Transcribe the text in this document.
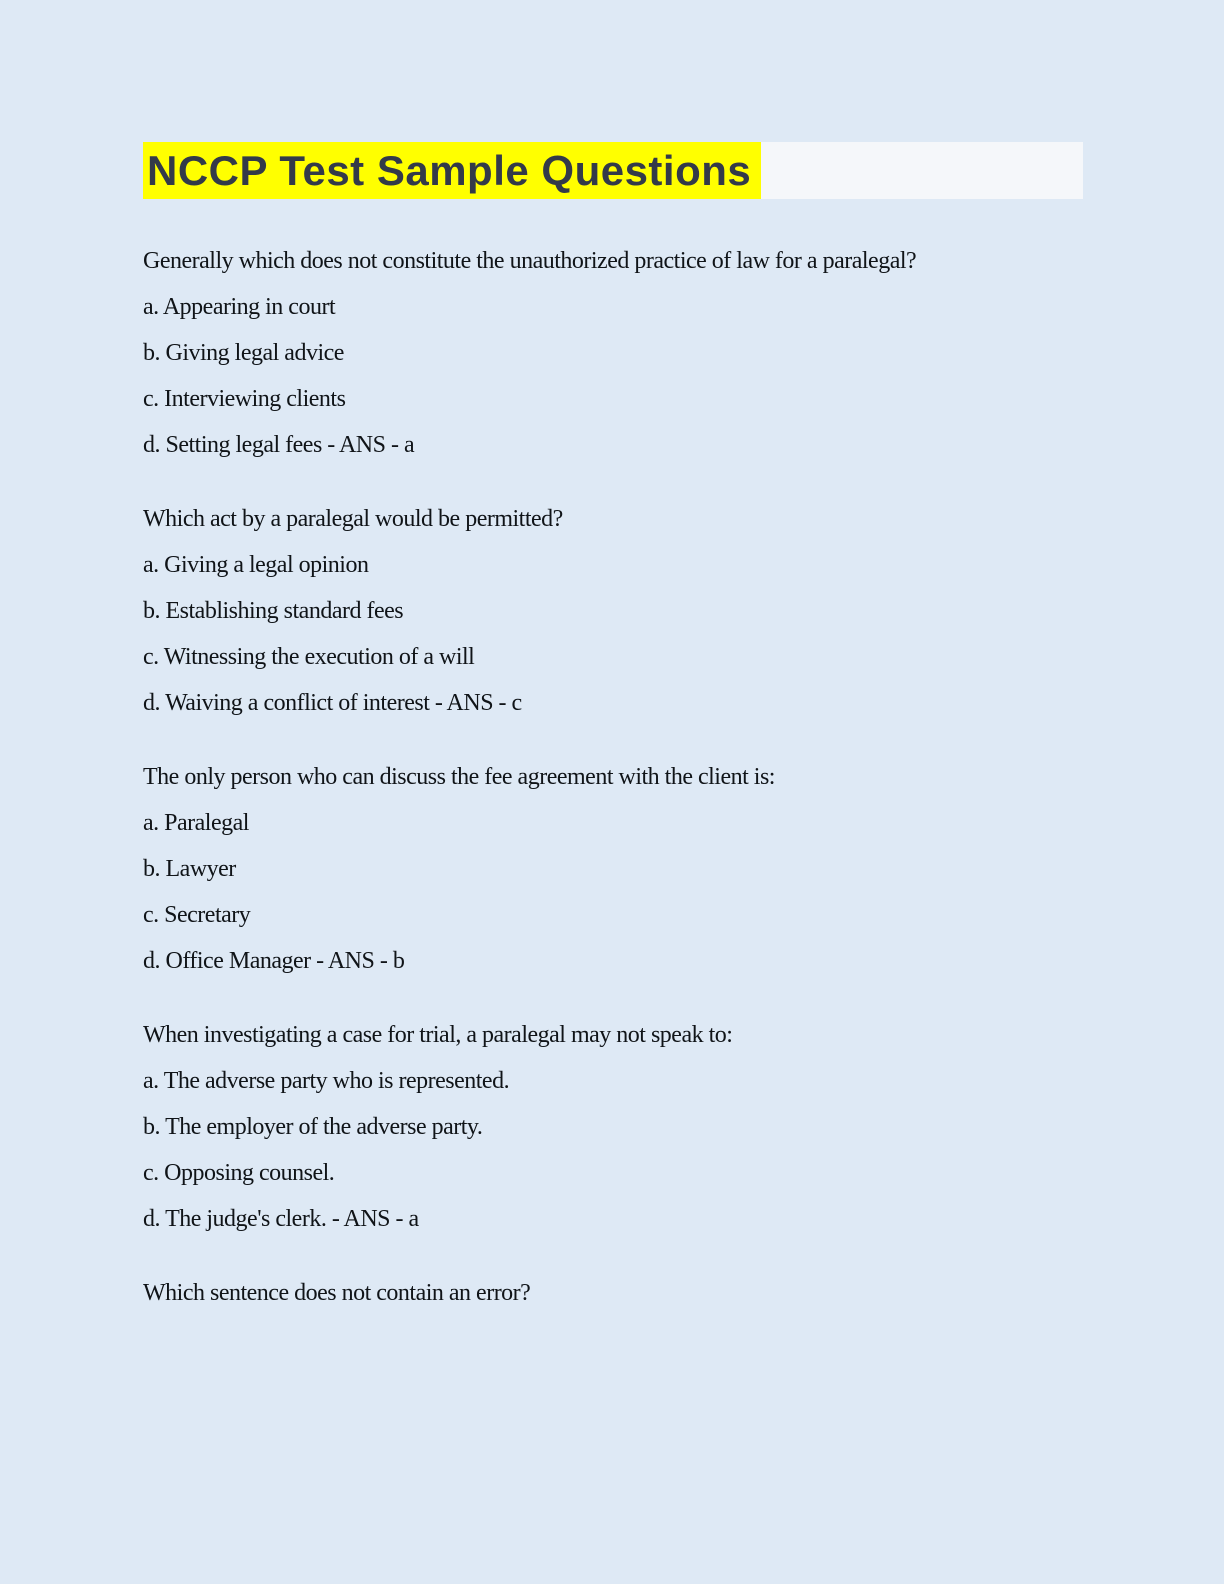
NCCP Test Sample Questions

Generally which does not constitute the unauthorized practice of law for a paralegal?

a. Appearing in court

b. Giving legal advice

c. Interviewing clients

d. Setting legal fees - ANS - a

Which act by a paralegal would be permitted?

a. Giving a legal opinion

b. Establishing standard fees

c. Witnessing the execution of a will

d. Waiving a conflict of interest - ANS - c

The only person who can discuss the fee agreement with the client is:

a. Paralegal

b. Lawyer

c. Secretary

d. Office Manager - ANS - b

When investigating a case for trial, a paralegal may not speak to:

a. The adverse party who is represented.

b. The employer of the adverse party.

c. Opposing counsel.

d. The judge's clerk. - ANS - a

Which sentence does not contain an error?
